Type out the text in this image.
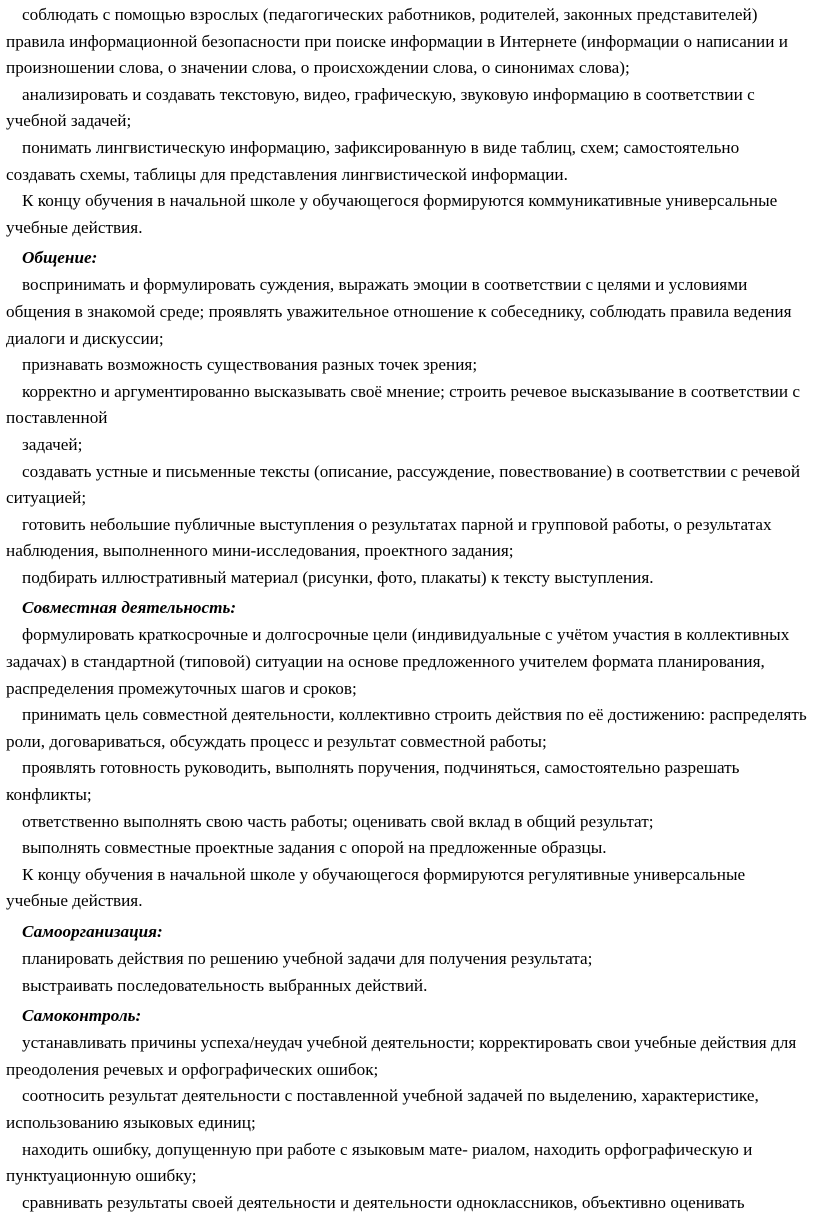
соблюдать с помощью взрослых (педагогических работников, родителей, законных представителей) правила информационной безопасности при поиске информации в Интернете (информации о написании и произношении слова, о значении слова, о происхождении слова, о синонимах слова);

анализировать и создавать текстовую, видео, графическую, звуковую информацию в соответствии с учебной задачей;

понимать лингвистическую информацию, зафиксированную в виде таблиц, схем; самостоятельно создавать схемы, таблицы для представления лингвистической информации.

К концу обучения в начальной школе у обучающегося формируются коммуникативные универсальные учебные действия.

Общение:

воспринимать и формулировать суждения, выражать эмоции в соответствии с целями и условиями общения в знакомой среде; проявлять уважительное отношение к собеседнику, соблюдать правила ведения диалоги и дискуссии;

признавать возможность существования разных точек зрения;

корректно и аргументированно высказывать своё мнение; строить речевое высказывание в соответствии с поставленной

задачей;

создавать устные и письменные тексты (описание, рассуждение, повествование) в соответствии с речевой ситуацией;

готовить небольшие публичные выступления о результатах парной и групповой работы, о результатах наблюдения, выполненного мини-исследования, проектного задания;

подбирать иллюстративный материал (рисунки, фото, плакаты) к тексту выступления.

Совместная деятельность:

формулировать краткосрочные и долгосрочные цели (индивидуальные с учётом участия в коллективных задачах) в стандартной (типовой) ситуации на основе предложенного учителем формата планирования, распределения промежуточных шагов и сроков;

принимать цель совместной деятельности, коллективно строить действия по её достижению: распределять роли, договариваться, обсуждать процесс и результат совместной работы;

проявлять готовность руководить, выполнять поручения, подчиняться, самостоятельно разрешать конфликты;

ответственно выполнять свою часть работы; оценивать свой вклад в общий результат;

выполнять совместные проектные задания с опорой на предложенные образцы.

К концу обучения в начальной школе у обучающегося формируются регулятивные универсальные учебные действия.

Самоорганизация:

планировать действия по решению учебной задачи для получения результата;

выстраивать последовательность выбранных действий.

Самоконтроль:

устанавливать причины успеха/неудач учебной деятельности; корректировать свои учебные действия для преодоления речевых и орфографических ошибок;

соотносить результат деятельности с поставленной учебной задачей по выделению, характеристике, использованию языковых единиц;

находить ошибку, допущенную при работе с языковым мате- риалом, находить орфографическую и пунктуационную ошибку;

сравнивать результаты своей деятельности и деятельности одноклассников, объективно оценивать
